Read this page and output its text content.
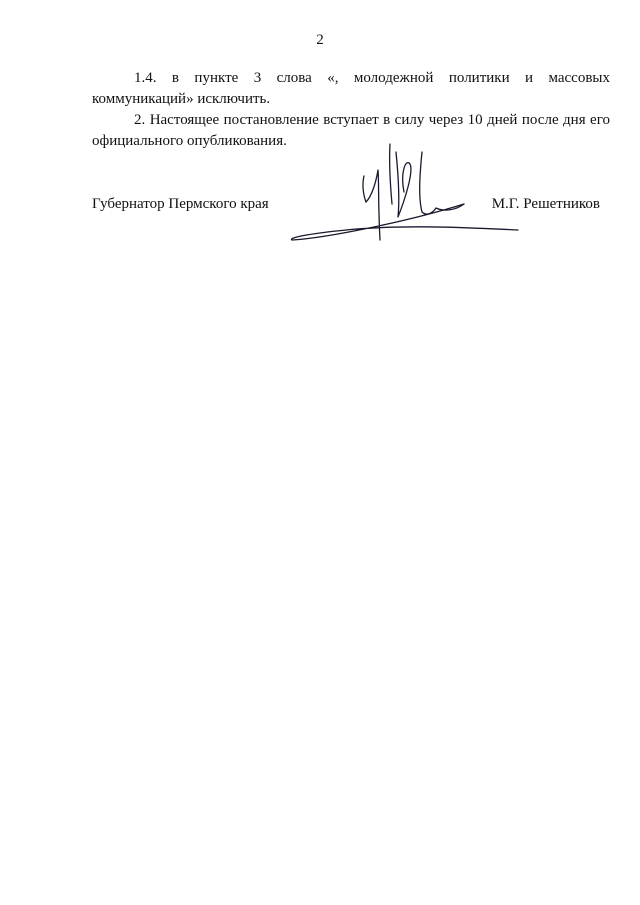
2

1.4. в пункте 3 слова «, молодежной политики и массовых коммуникаций» исключить.

2. Настоящее постановление вступает в силу через 10 дней после дня его официального опубликования.

Губернатор Пермского края	М.Г. Решетников
